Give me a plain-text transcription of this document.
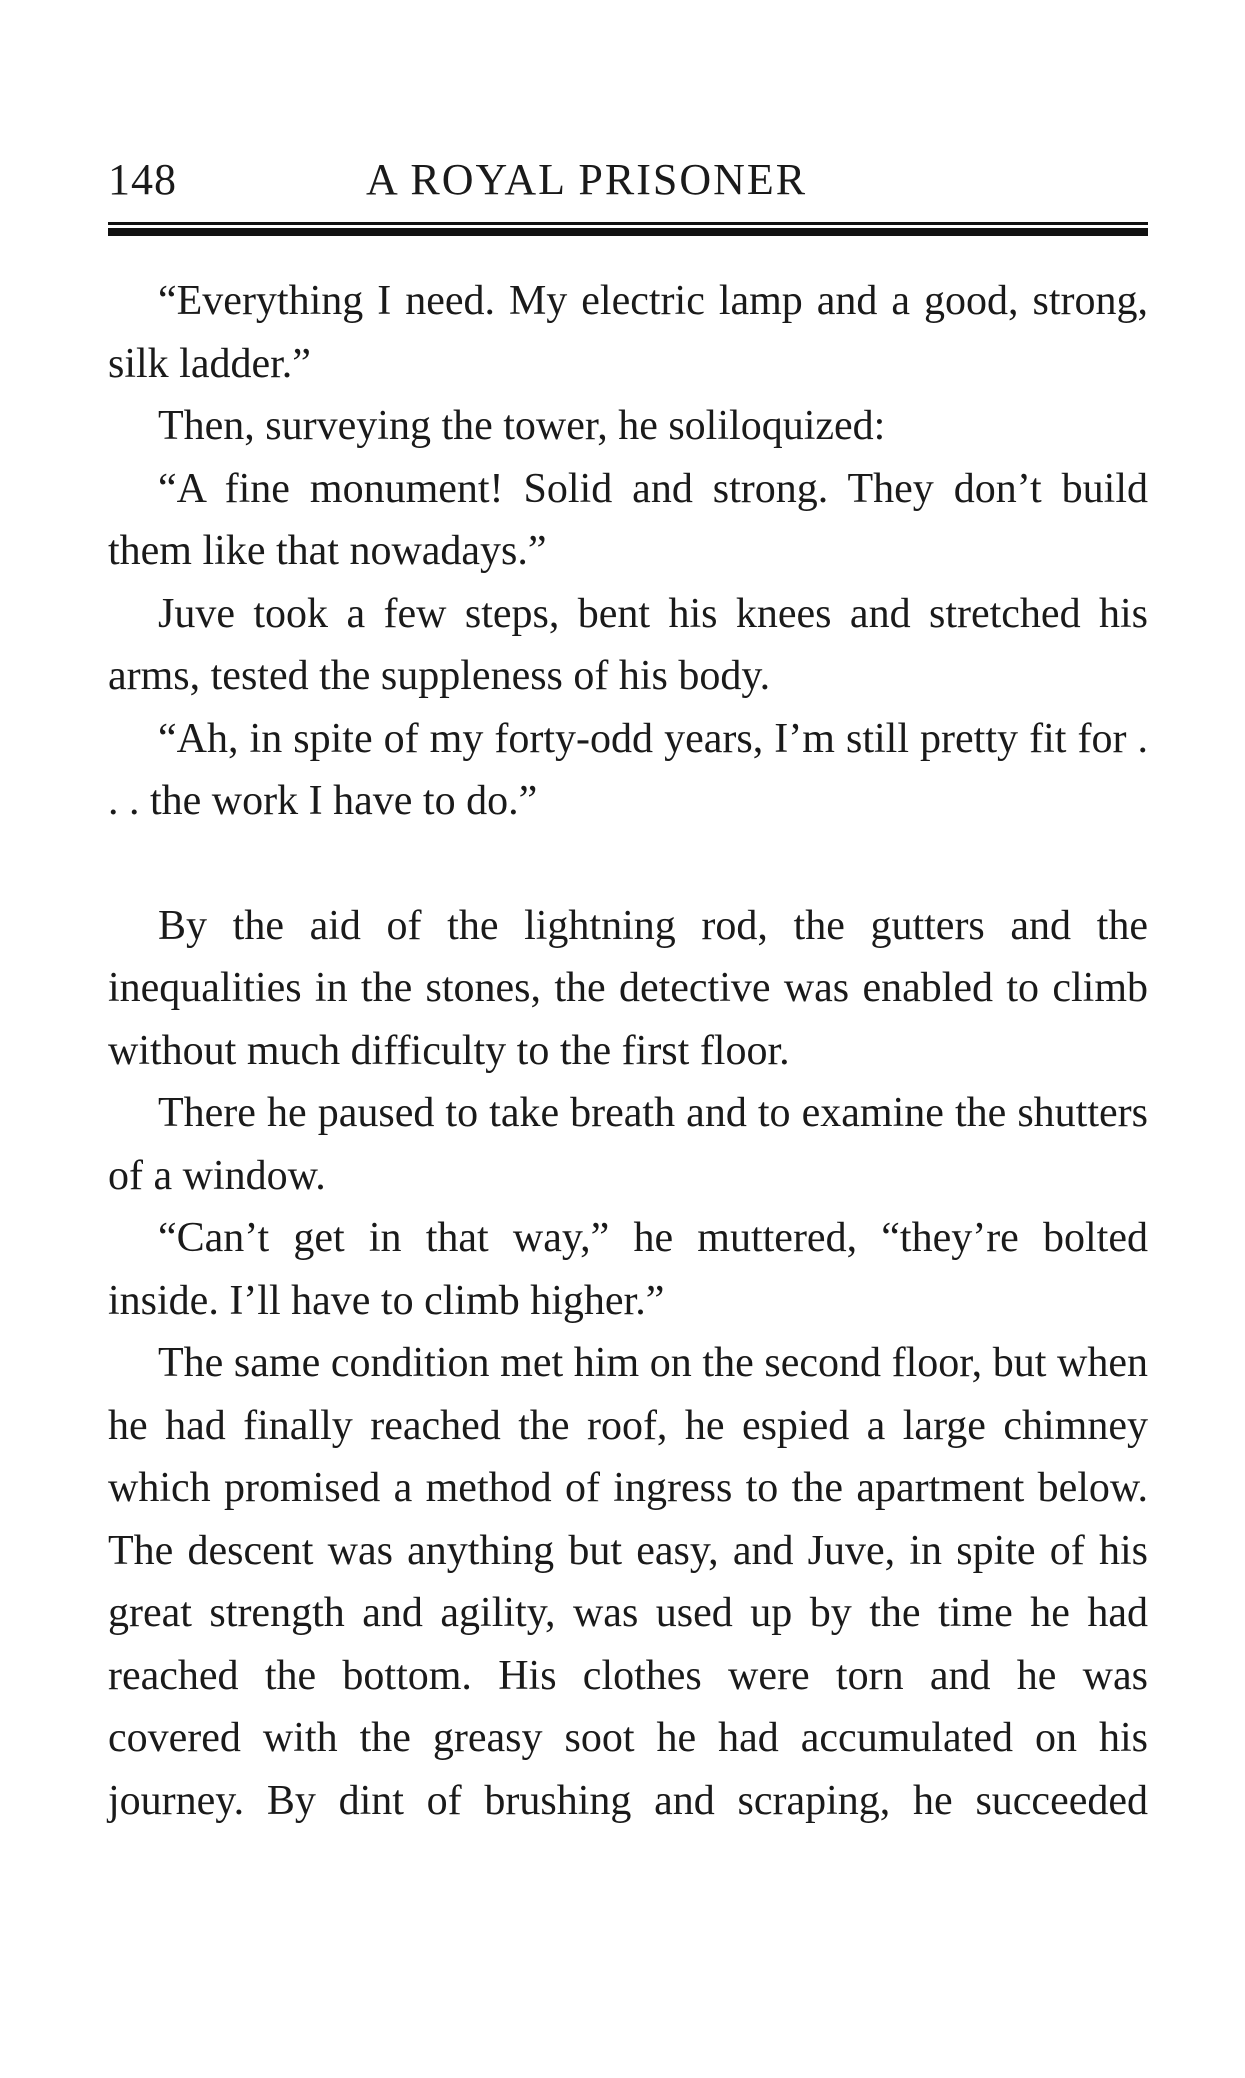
148	A ROYAL PRISONER

“Everything I need. My electric lamp and a good, strong, silk ladder.”

Then, surveying the tower, he soliloquized:

“A fine monument! Solid and strong. They don’t build them like that nowadays.”

Juve took a few steps, bent his knees and stretched his arms, tested the suppleness of his body.

“Ah, in spite of my forty-odd years, I’m still pretty fit for . . . the work I have to do.”

By the aid of the lightning rod, the gutters and the inequalities in the stones, the detective was enabled to climb without much difficulty to the first floor.

There he paused to take breath and to examine the shutters of a window.

“Can’t get in that way,” he muttered, “they’re bolted inside. I’ll have to climb higher.”

The same condition met him on the second floor, but when he had finally reached the roof, he espied a large chimney which promised a method of ingress to the apartment below. The descent was anything but easy, and Juve, in spite of his great strength and agility, was used up by the time he had reached the bottom. His clothes were torn and he was covered with the greasy soot he had accumulated on his journey. By dint of brushing and scraping, he succeeded
